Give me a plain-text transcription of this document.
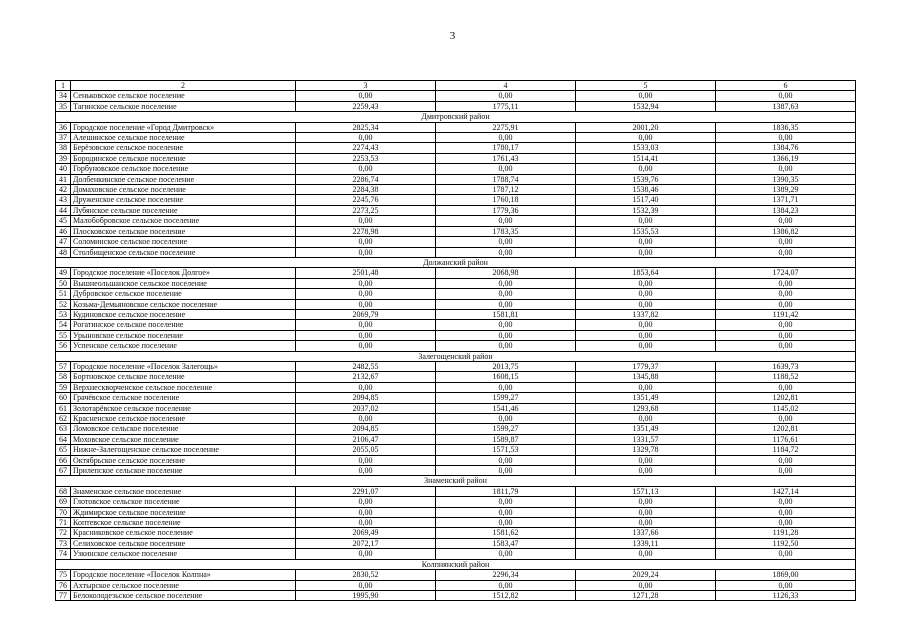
3
1	2	3	4	5	6
34	Сеньковское сельское поселение	0,00	0,00	0,00	0,00
35	Тагинское сельское поселение	2259,43	1775,11	1532,94	1387,63
Дмитровский район					
36	Городское поселение «Город Дмитровск»	2825,34	2275,91	2001,20	1836,35
37	Алешинское сельское поселение	0,00	0,00	0,00	0,00
38	Берёзовское сельское поселение	2274,43	1780,17	1533,03	1384,76
39	Бородинское сельское поселение	2253,53	1761,43	1514,41	1366,19
40	Горбуновское сельское поселение	0,00	0,00	0,00	0,00
41	Долбенкинское сельское поселение	2286,74	1788,74	1539,76	1390,35
42	Домаховское сельское поселение	2284,38	1787,12	1538,46	1389,29
43	Друженское сельское поселение	2245,76	1760,18	1517,40	1371,71
44	Лубянское сельское поселение	2273,25	1779,36	1532,39	1384,23
45	Малобобровское сельское поселение	0,00	0,00	0,00	0,00
46	Плосковское сельское поселение	2278,98	1783,35	1535,53	1386,82
47	Соломинское сельское поселение	0,00	0,00	0,00	0,00
48	Столбищенское сельское поселение	0,00	0,00	0,00	0,00
Должанский район					
49	Городское поселение «Поселок Долгое»	2501,48	2068,98	1853,64	1724,07
50	Вышнеольшанское сельское поселение	0,00	0,00	0,00	0,00
51	Дубровское сельское поселение	0,00	0,00	0,00	0,00
52	Козьма-Демьяновское сельское поселение	0,00	0,00	0,00	0,00
53	Кудиновское сельское поселение	2069,79	1581,81	1337,82	1191,42
54	Рогатинское сельское поселение	0,00	0,00	0,00	0,00
55	Урыновское сельское поселение	0,00	0,00	0,00	0,00
56	Успенское сельское поселение	0,00	0,00	0,00	0,00
Залегощенский район					
57	Городское поселение «Поселок Залегощь»	2482,55	2013,75	1779,37	1639,73
58	Бортновское сельское поселение	2132,67	1608,15	1345,88	1188,52
59	Верхнескворченское сельское поселение	0,00	0,00	0,00	0,00
60	Грачёвское сельское поселение	2094,85	1599,27	1351,49	1202,81
61	Золотарёвское сельское поселение	2037,02	1541,46	1293,68	1145,02
62	Красненское сельское поселение	0,00	0,00	0,00	0,00
63	Ломовское сельское поселение	2094,85	1599,27	1351,49	1202,81
64	Моховское сельское поселение	2106,47	1589,87	1331,57	1176,61
65	Нижне-Залегощенское сельское поселение	2055,05	1571,53	1329,78	1184,72
66	Октябрьское сельское поселение	0,00	0,00	0,00	0,00
67	Прилепское сельское поселение	0,00	0,00	0,00	0,00
Знаменский район					
68	Знаменское сельское поселение	2291,07	1811,79	1571,13	1427,14
69	Глотовское сельское поселение	0,00	0,00	0,00	0,00
70	Ждимирское сельское поселение	0,00	0,00	0,00	0,00
71	Коптевское сельское поселение	0,00	0,00	0,00	0,00
72	Красниковское сельское поселение	2069,49	1581,62	1337,66	1191,28
73	Селиховское сельское поселение	2072,17	1583,47	1339,11	1192,50
74	Узкинское сельское поселение	0,00	0,00	0,00	0,00
Колпнянский район					
75	Городское поселение «Поселок Колпна»	2830,52	2296,34	2029,24	1869,00
76	Ахтырское сельское поселение	0,00	0,00	0,00	0,00
77	Белоколодезьское сельское поселение	1995,90	1512,82	1271,28	1126,33
